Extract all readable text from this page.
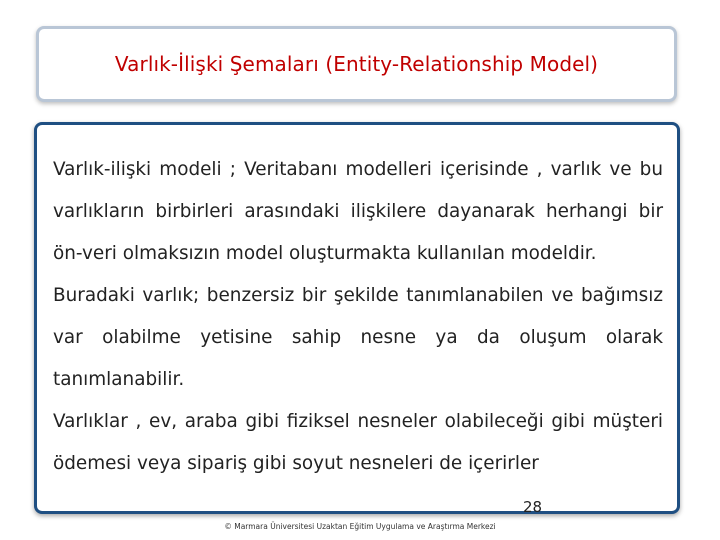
Varlık-İlişki Şemaları (Entity-Relationship Model)

Varlık-ilişki modeli ; Veritabanı modelleri içerisinde , varlık ve bu varlıkların birbirleri arasındaki ilişkilere dayanarak herhangi bir ön-veri olmaksızın model oluşturmakta kullanılan modeldir.

Buradaki varlık; benzersiz bir şekilde tanımlanabilen ve bağımsız var olabilme yetisine sahip nesne ya da oluşum olarak tanımlanabilir.

Varlıklar , ev, araba gibi fiziksel nesneler olabileceği gibi müşteri ödemesi veya sipariş gibi soyut nesneleri de içerirler

28
© Marmara Üniversitesi Uzaktan Eğitim Uygulama ve Araştırma Merkezi
